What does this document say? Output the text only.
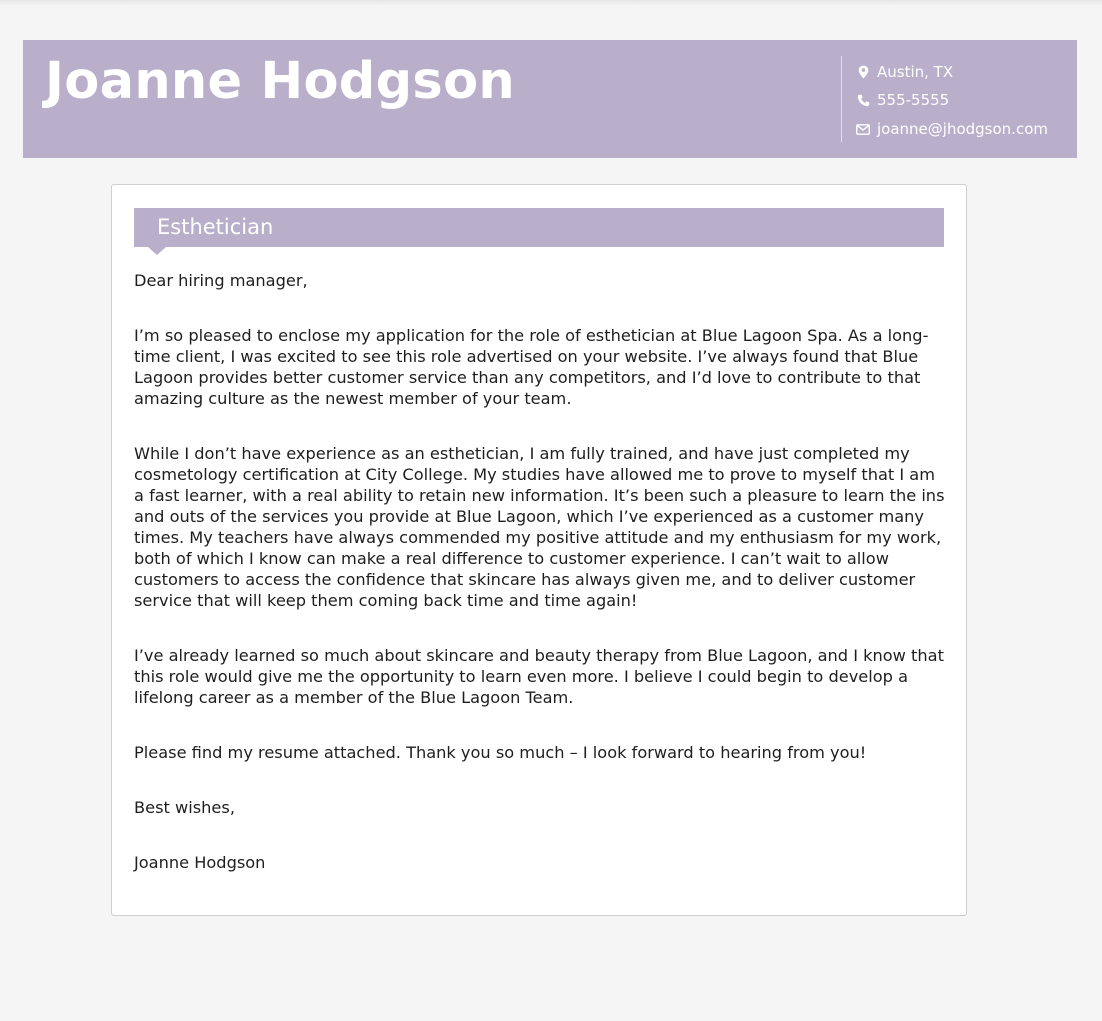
Joanne Hodgson	Austin, TX
555-5555
joanne@jhodgson.com
Esthetician

Dear hiring manager,

I’m so pleased to enclose my application for the role of esthetician at Blue Lagoon Spa. As a long-time client, I was excited to see this role advertised on your website. I’ve always found that Blue Lagoon provides better customer service than any competitors, and I’d love to contribute to that amazing culture as the newest member of your team.

While I don’t have experience as an esthetician, I am fully trained, and have just completed my cosmetology certification at City College. My studies have allowed me to prove to myself that I am a fast learner, with a real ability to retain new information. It’s been such a pleasure to learn the ins and outs of the services you provide at Blue Lagoon, which I’ve experienced as a customer many times. My teachers have always commended my positive attitude and my enthusiasm for my work, both of which I know can make a real difference to customer experience. I can’t wait to allow customers to access the confidence that skincare has always given me, and to deliver customer service that will keep them coming back time and time again!

I’ve already learned so much about skincare and beauty therapy from Blue Lagoon, and I know that this role would give me the opportunity to learn even more. I believe I could begin to develop a lifelong career as a member of the Blue Lagoon Team.

Please find my resume attached. Thank you so much – I look forward to hearing from you!

Best wishes,

Joanne Hodgson
